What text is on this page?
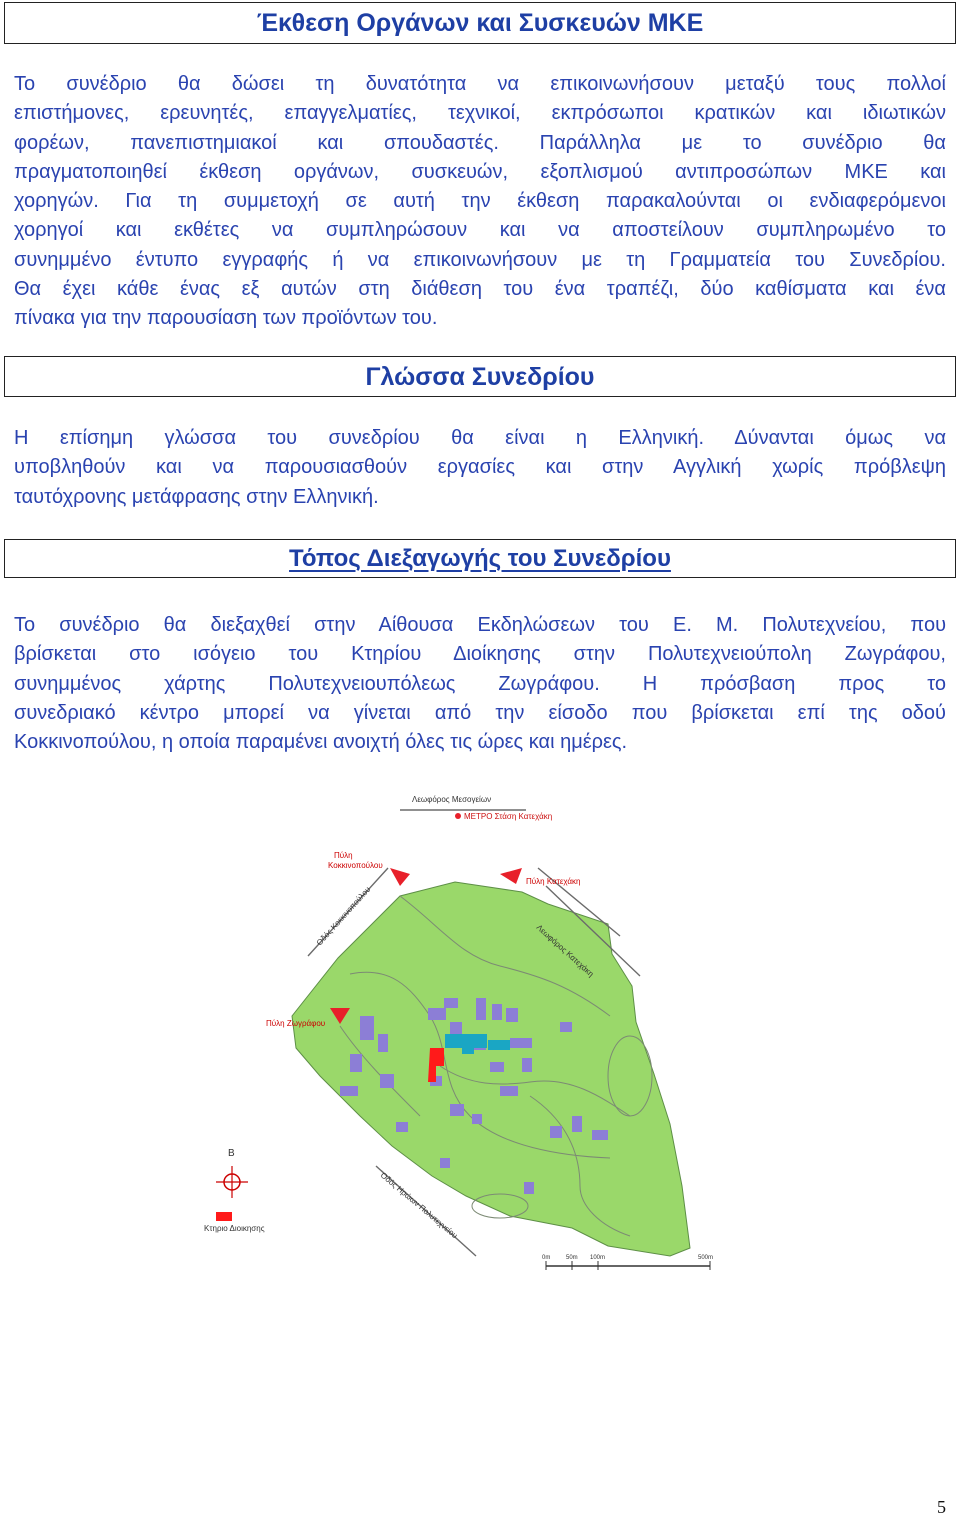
Έκθεση Οργάνων και Συσκευών ΜΚΕ
Το συνέδριο θα δώσει τη δυνατότητα να επικοινωνήσουν μεταξύ τους πολλοί
επιστήμονες, ερευνητές, επαγγελματίες, τεχνικοί, εκπρόσωποι κρατικών και ιδιωτικών
φορέων, πανεπιστημιακοί και σπουδαστές. Παράλληλα με το συνέδριο θα
πραγματοποιηθεί έκθεση οργάνων, συσκευών, εξοπλισμού αντιπροσώπων ΜΚΕ και
χορηγών. Για τη συμμετοχή σε αυτή την έκθεση παρακαλούνται οι ενδιαφερόμενοι
χορηγοί και εκθέτες να συμπληρώσουν και να αποστείλουν συμπληρωμένο το
συνημμένο έντυπο εγγραφής ή να επικοινωνήσουν με τη Γραμματεία του Συνεδρίου.
Θα έχει κάθε ένας εξ αυτών στη διάθεση του ένα τραπέζι, δύο καθίσματα και ένα
πίνακα για την παρουσίαση των προϊόντων του.
Γλώσσα Συνεδρίου
Η επίσημη γλώσσα του συνεδρίου θα είναι η Ελληνική. Δύνανται όμως να
υποβληθούν και να παρουσιασθούν εργασίες και στην Αγγλική χωρίς πρόβλεψη
ταυτόχρονης μετάφρασης στην Ελληνική.
Τόπος Διεξαγωγής του Συνεδρίου
Το συνέδριο θα διεξαχθεί στην Αίθουσα Εκδηλώσεων του Ε. Μ. Πολυτεχνείου, που
βρίσκεται στο ισόγειο του Κτηρίου Διοίκησης στην Πολυτεχνειούπολη Ζωγράφου,
συνημμένος χάρτης Πολυτεχνειουπόλεως Ζωγράφου. Η πρόσβαση προς το
συνεδριακό κέντρο μπορεί να γίνεται από την είσοδο που βρίσκεται επί της οδού
Κοκκινοπούλου, η οποία παραμένει ανοιχτή όλες τις ώρες και ημέρες.
Λεωφόρος Μεσογείων
ΜΕΤΡΟ Στάση Κατεχάκη
Πύλη
Κοκκινοπούλου
Πύλη Κατεχάκη
Οδός Κοκκινοπούλου
Λεωφόρος Κατεχάκη
Πύλη Ζωγράφου
Οδός Ηρώων Πολυτεχνείου
Β
Κτηριο Διοικησης
0m	50m 100m	500m
5
